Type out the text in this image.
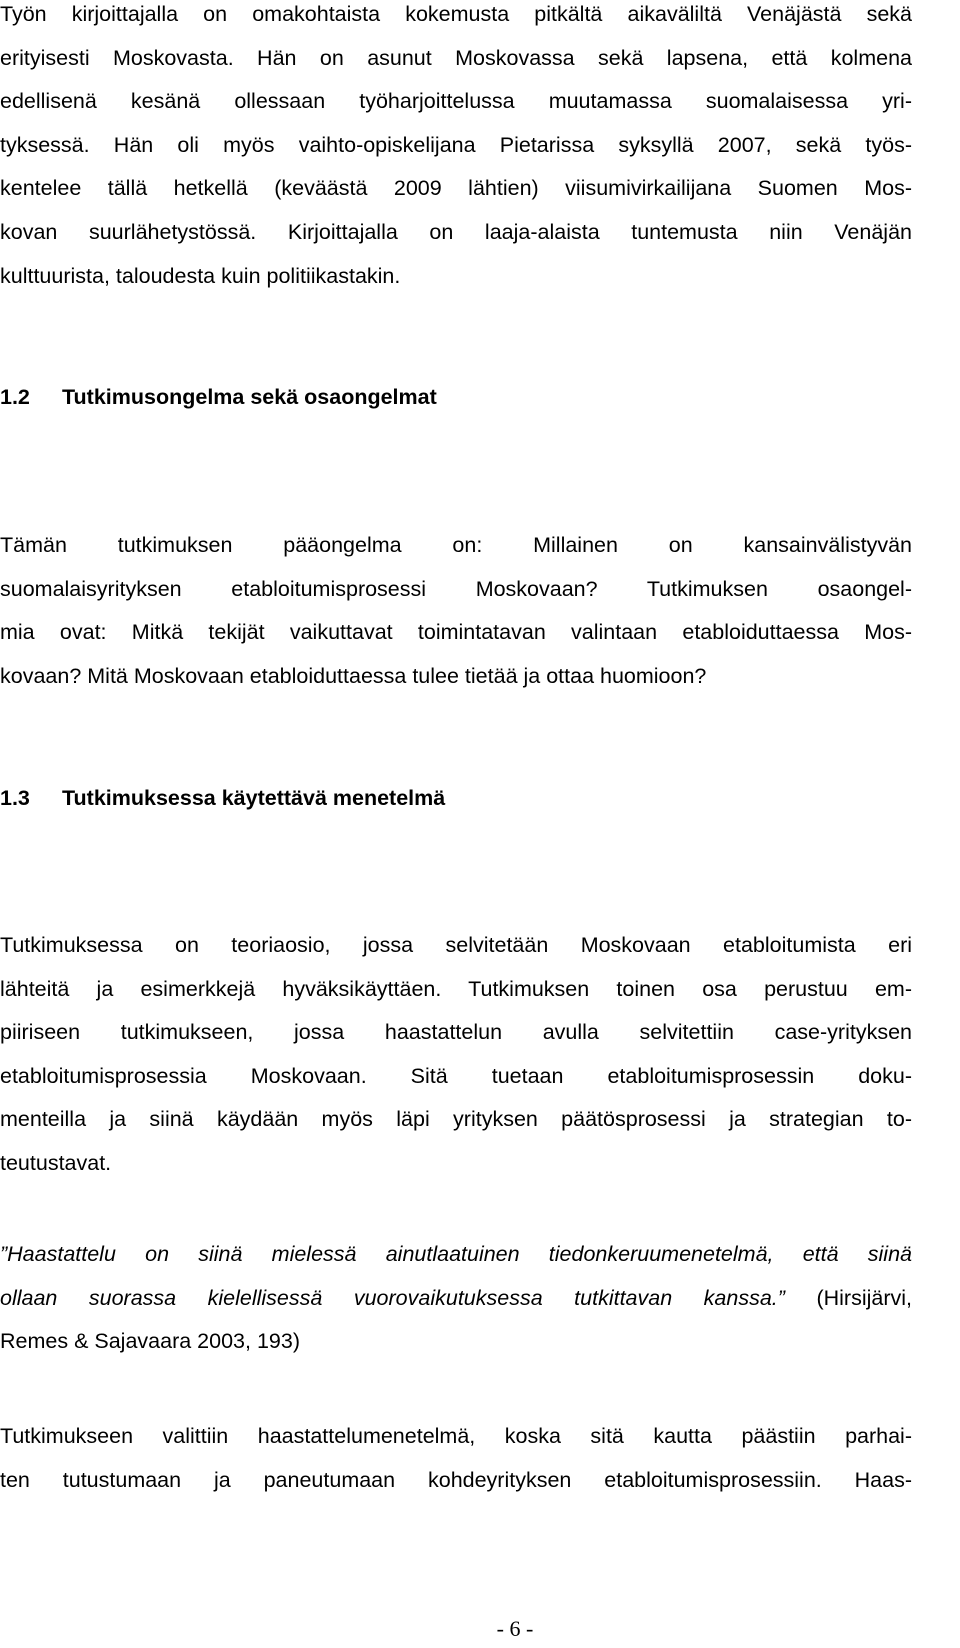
Työn kirjoittajalla on omakohtaista kokemusta pitkältä aikaväliltä Venäjästä sekä
erityisesti Moskovasta. Hän on asunut Moskovassa sekä lapsena, että kolmena
edellisenä kesänä ollessaan työharjoittelussa muutamassa suomalaisessa yri-
tyksessä. Hän oli myös vaihto-opiskelijana Pietarissa syksyllä 2007, sekä työs-
kentelee tällä hetkellä (keväästä 2009 lähtien) viisumivirkailijana Suomen Mos-
kovan suurlähetystössä. Kirjoittajalla on laaja-alaista tuntemusta niin Venäjän
kulttuurista, taloudesta kuin politiikastakin.
1.2 Tutkimusongelma sekä osaongelmat
Tämän tutkimuksen pääongelma on: Millainen on kansainvälistyvän
suomalaisyrityksen etabloitumisprosessi Moskovaan? Tutkimuksen osaongel-
mia ovat: Mitkä tekijät vaikuttavat toimintatavan valintaan etabloiduttaessa Mos-
kovaan? Mitä Moskovaan etabloiduttaessa tulee tietää ja ottaa huomioon?
1.3 Tutkimuksessa käytettävä menetelmä
Tutkimuksessa on teoriaosio, jossa selvitetään Moskovaan etabloitumista eri
lähteitä ja esimerkkejä hyväksikäyttäen. Tutkimuksen toinen osa perustuu em-
piiriseen tutkimukseen, jossa haastattelun avulla selvitettiin case-yrityksen
etabloitumisprosessia Moskovaan. Sitä tuetaan etabloitumisprosessin doku-
menteilla ja siinä käydään myös läpi yrityksen päätösprosessi ja strategian to-
teutustavat.
”Haastattelu on siinä mielessä ainutlaatuinen tiedonkeruumenetelmä, että siinä
ollaan suorassa kielellisessä vuorovaikutuksessa tutkittavan kanssa.” (Hirsijärvi,
Remes & Sajavaara 2003, 193)
Tutkimukseen valittiin haastattelumenetelmä, koska sitä kautta päästiin parhai-
ten tutustumaan ja paneutumaan kohdeyrityksen etabloitumisprosessiin. Haas-
- 6 -
